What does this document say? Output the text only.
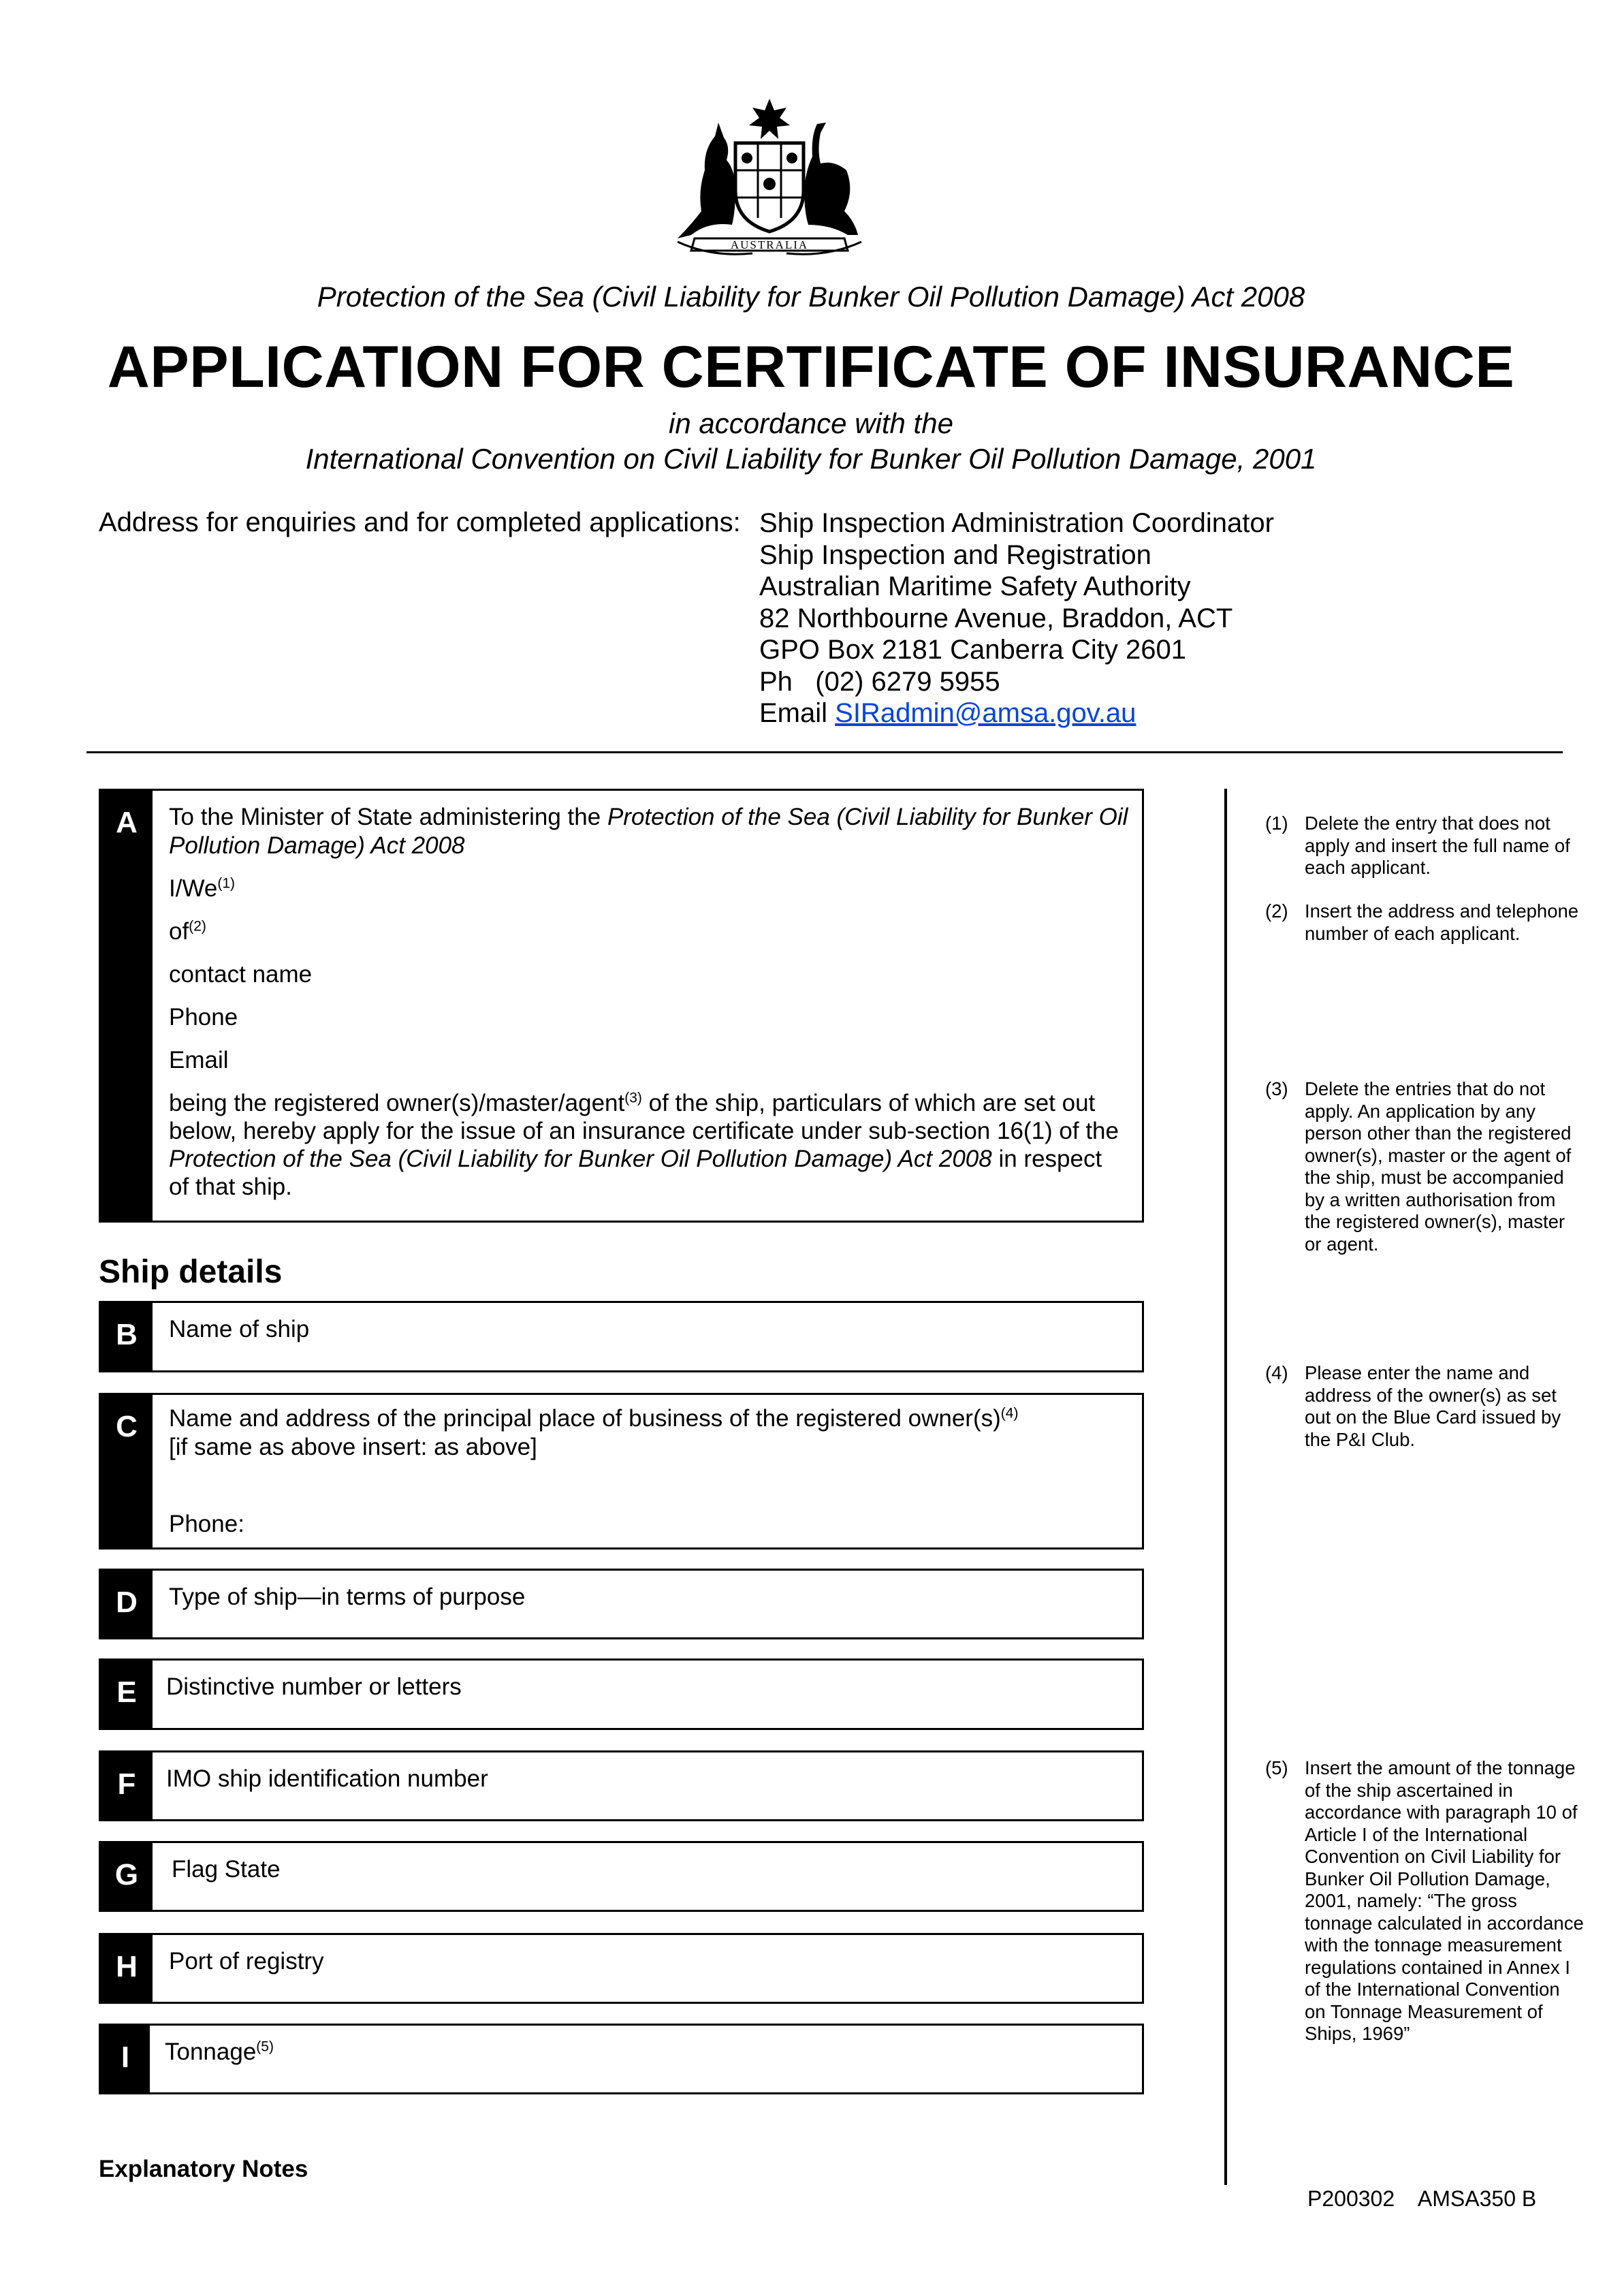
AUSTRALIA
Protection of the Sea (Civil Liability for Bunker Oil Pollution Damage) Act 2008
APPLICATION FOR CERTIFICATE OF INSURANCE
in accordance with the
International Convention on Civil Liability for Bunker Oil Pollution Damage, 2001
Address for enquiries and for completed applications: Ship Inspection Administration Coordinator
Ship Inspection and Registration
Australian Maritime Safety Authority
82 Northbourne Avenue, Braddon, ACT
GPO Box 2181 Canberra City 2601
Ph   (02) 6279 5955
Email SIRadmin@amsa.gov.au
A	To the Minister of State administering the Protection of the Sea (Civil Liability for Bunker Oil Pollution Damage) Act 2008
I/We$^{(1)}$
$of^{(2)}$
contact name
Phone
Email
being the registered owner(s)/master/agent$^{(3)}$ of the ship, particulars of which are set out below, hereby apply for the issue of an insurance certificate under sub-section 16(1) of the Protection of the Sea (Civil Liability for Bunker Oil Pollution Damage) Act 2008 in respect of that ship.
Ship details
B	Name of ship
C	Name and address of the principal place of business of the registered $owner(s)^{(4)}$
[if same as above insert: as above]
Phone:
D	Type of ship—in terms of purpose
E	Distinctive number or letters
F	IMO ship identification number
G	Flag State
H	Port of registry
I	Tonnage$^{(5)}$
(1) Delete the entry that does not apply and insert the full name of each applicant.
(2) Insert the address and telephone number of each applicant.
(3) Delete the entries that do not apply. An application by any person other than the registered owner(s), master or the agent of the ship, must be accompanied by a written authorisation from the registered owner(s), master or agent.
(4) Please enter the name and address of the owner(s) as set out on the Blue Card issued by the P&I Club.
(5) Insert the amount of the tonnage of the ship ascertained in accordance with paragraph 10 of Article I of the International Convention on Civil Liability for Bunker Oil Pollution Damage, 2001, namely: “The gross tonnage calculated in accordance with the tonnage measurement regulations contained in Annex I of the International Convention on Tonnage Measurement of Ships, 1969”
Explanatory Notes
P200302    AMSA350 B
